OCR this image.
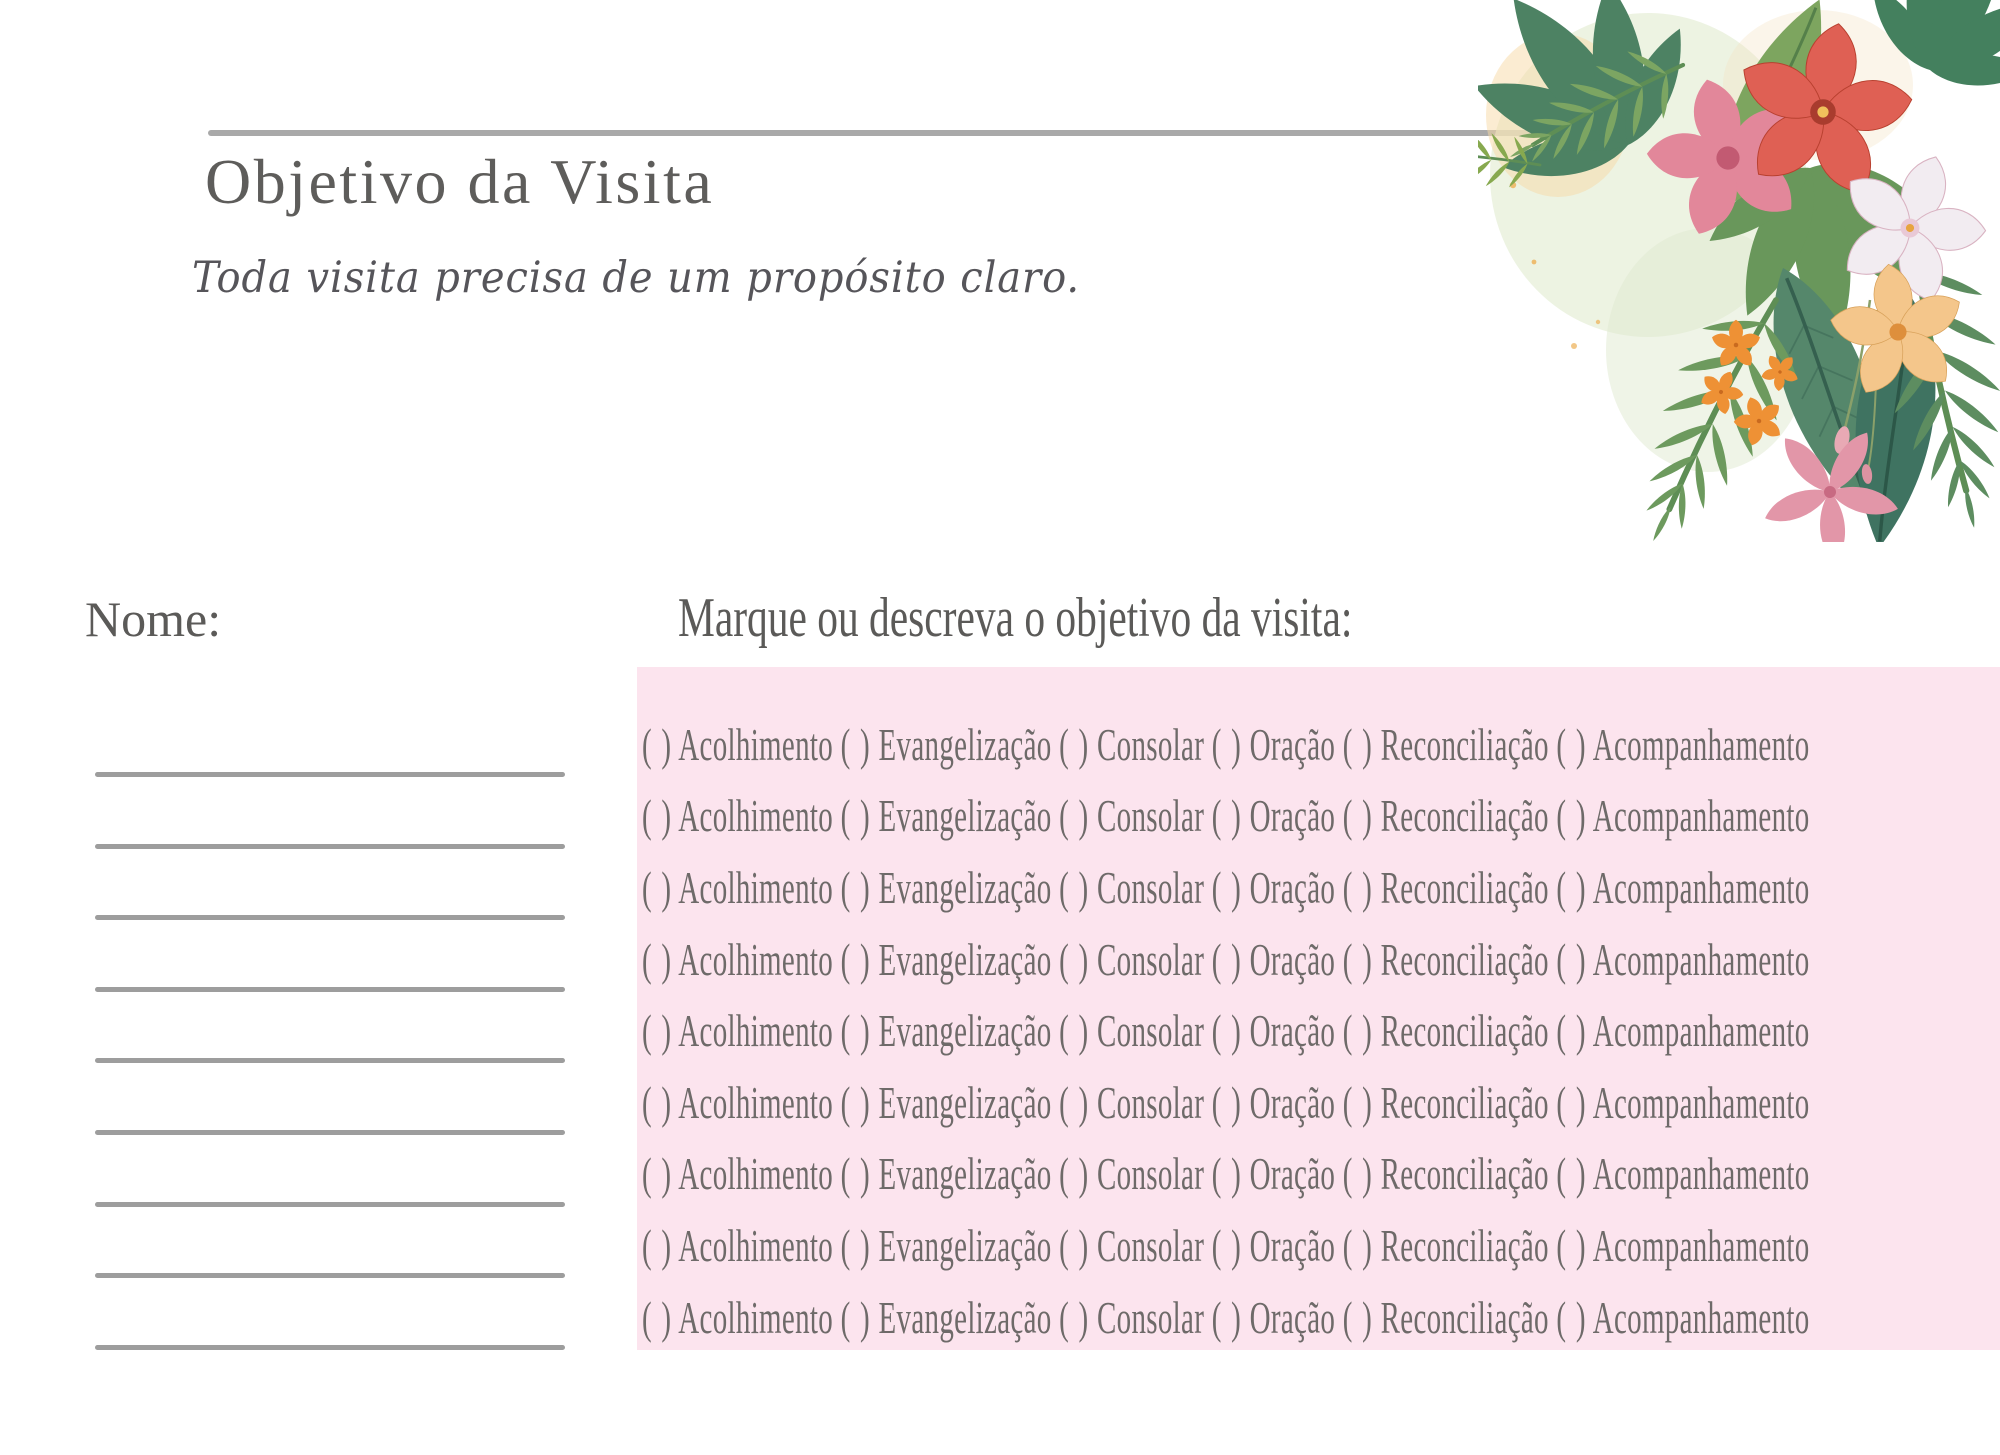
Objetivo da Visita
Toda visita precisa de um propósito claro.
Nome:	Marque ou descreva o objetivo da visita:
( ) Acolhimento ( ) Evangelização ( ) Consolar ( ) Oração ( ) Reconciliação ( ) Acompanhamento
( ) Acolhimento ( ) Evangelização ( ) Consolar ( ) Oração ( ) Reconciliação ( ) Acompanhamento
( ) Acolhimento ( ) Evangelização ( ) Consolar ( ) Oração ( ) Reconciliação ( ) Acompanhamento
( ) Acolhimento ( ) Evangelização ( ) Consolar ( ) Oração ( ) Reconciliação ( ) Acompanhamento
( ) Acolhimento ( ) Evangelização ( ) Consolar ( ) Oração ( ) Reconciliação ( ) Acompanhamento
( ) Acolhimento ( ) Evangelização ( ) Consolar ( ) Oração ( ) Reconciliação ( ) Acompanhamento
( ) Acolhimento ( ) Evangelização ( ) Consolar ( ) Oração ( ) Reconciliação ( ) Acompanhamento
( ) Acolhimento ( ) Evangelização ( ) Consolar ( ) Oração ( ) Reconciliação ( ) Acompanhamento
( ) Acolhimento ( ) Evangelização ( ) Consolar ( ) Oração ( ) Reconciliação ( ) Acompanhamento
